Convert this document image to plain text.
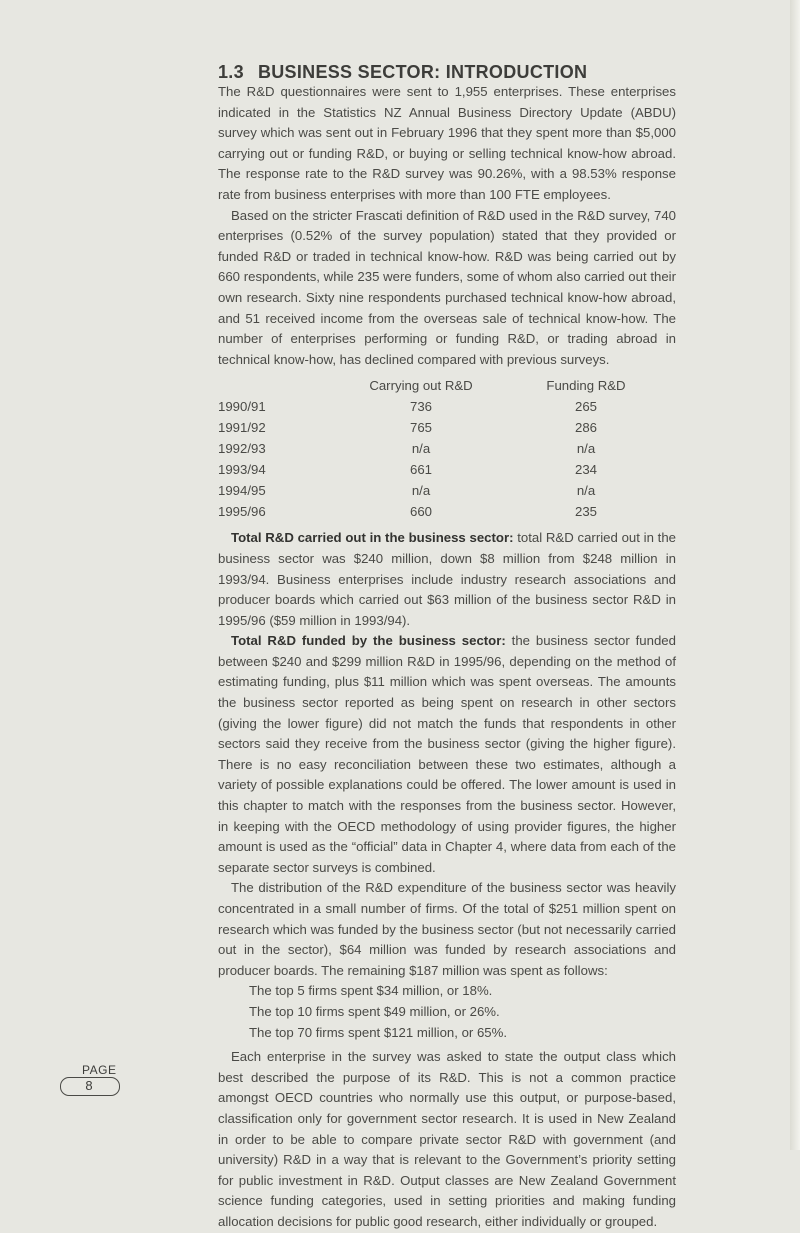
1.3 BUSINESS SECTOR: INTRODUCTION

The R&D questionnaires were sent to 1,955 enterprises. These enterprises indicated in the Statistics NZ Annual Business Directory Update (ABDU) survey which was sent out in February 1996 that they spent more than $5,000 carrying out or funding R&D, or buying or selling technical know-how abroad. The response rate to the R&D survey was 90.26%, with a 98.53% response rate from business enterprises with more than 100 FTE employees.

Based on the stricter Frascati definition of R&D used in the R&D survey, 740 enterprises (0.52% of the survey population) stated that they provided or funded R&D or traded in technical know-how. R&D was being carried out by 660 respondents, while 235 were funders, some of whom also carried out their own research. Sixty nine respondents purchased technical know-how abroad, and 51 received income from the overseas sale of technical know-how. The number of enterprises performing or funding R&D, or trading abroad in technical know-how, has declined compared with previous surveys.

	Carrying out R&D	Funding R&D
1990/91	736	265
1991/92	765	286
1992/93	n/a	n/a
1993/94	661	234
1994/95	n/a	n/a
1995/96	660	235

Total R&D carried out in the business sector: total R&D carried out in the business sector was $240 million, down $8 million from $248 million in 1993/94. Business enterprises include industry research associations and producer boards which carried out $63 million of the business sector R&D in 1995/96 ($59 million in 1993/94).

Total R&D funded by the business sector: the business sector funded between $240 and $299 million R&D in 1995/96, depending on the method of estimating funding, plus $11 million which was spent overseas. The amounts the business sector reported as being spent on research in other sectors (giving the lower figure) did not match the funds that respondents in other sectors said they receive from the business sector (giving the higher figure). There is no easy reconciliation between these two estimates, although a variety of possible explanations could be offered. The lower amount is used in this chapter to match with the responses from the business sector. However, in keeping with the OECD methodology of using provider figures, the higher amount is used as the “official” data in Chapter 4, where data from each of the separate sector surveys is combined.

The distribution of the R&D expenditure of the business sector was heavily concentrated in a small number of firms. Of the total of $251 million spent on research which was funded by the business sector (but not necessarily carried out in the sector), $64 million was funded by research associations and producer boards. The remaining $187 million was spent as follows:

The top 5 firms spent $34 million, or 18%.
The top 10 firms spent $49 million, or 26%.
The top 70 firms spent $121 million, or 65%.

Each enterprise in the survey was asked to state the output class which best described the purpose of its R&D. This is not a common practice amongst OECD countries who normally use this output, or purpose-based, classification only for government sector research. It is used in New Zealand in order to be able to compare private sector R&D with government (and university) R&D in a way that is relevant to the Government’s priority setting for public investment in R&D. Output classes are New Zealand Government science funding categories, used in setting priorities and making funding allocation decisions for public good research, either individually or grouped.

PAGE
8
